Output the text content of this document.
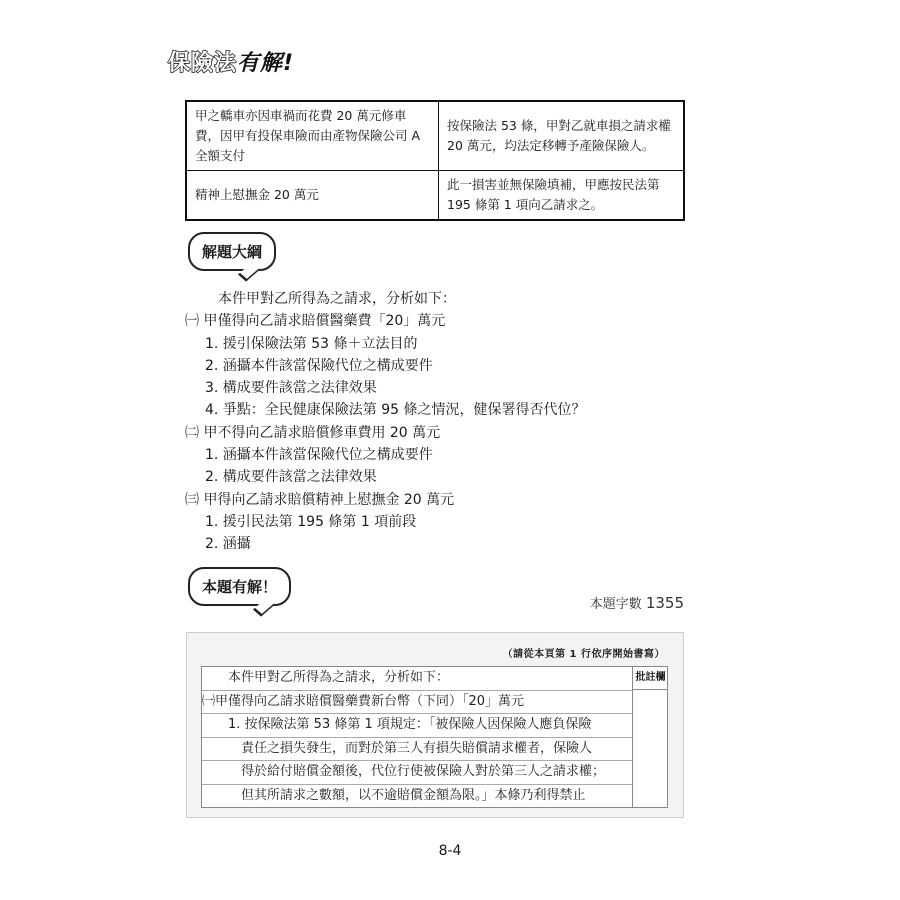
保險法有解!
甲之轎車亦因車禍而花費 20 萬元修車費，因甲有投保車險而由產物保險公司 A 全額支付	按保險法 53 條，甲對乙就車損之請求權 20 萬元，均法定移轉予產險保險人。
精神上慰撫金 20 萬元	此一損害並無保險填補，甲應按民法第 195 條第 1 項向乙請求之。
解題大綱
本件甲對乙所得為之請求，分析如下：
㈠ 甲僅得向乙請求賠償醫藥費「20」萬元
1. 援引保險法第 53 條＋立法目的
2. 涵攝本件該當保險代位之構成要件
3. 構成要件該當之法律效果
4. 爭點：全民健康保險法第 95 條之情況，健保署得否代位？
㈡ 甲不得向乙請求賠償修車費用 20 萬元
1. 涵攝本件該當保險代位之構成要件
2. 構成要件該當之法律效果
㈢ 甲得向乙請求賠償精神上慰撫金 20 萬元
1. 援引民法第 195 條第 1 項前段
2. 涵攝
本題有解！
本題字數 1355
（請從本頁第 1 行依序開始書寫）
　　本件甲對乙所得為之請求，分析如下：
㈠甲僅得向乙請求賠償醫藥費新台幣（下同）「20」萬元
　　1. 按保險法第 53 條第 1 項規定：「被保險人因保險人應負保險
　　　責任之損失發生，而對於第三人有損失賠償請求權者，保險人
　　　得於給付賠償金額後，代位行使被保險人對於第三人之請求權；
　　　但其所請求之數額，以不逾賠償金額為限。」本條乃利得禁止
批註欄
8-4
